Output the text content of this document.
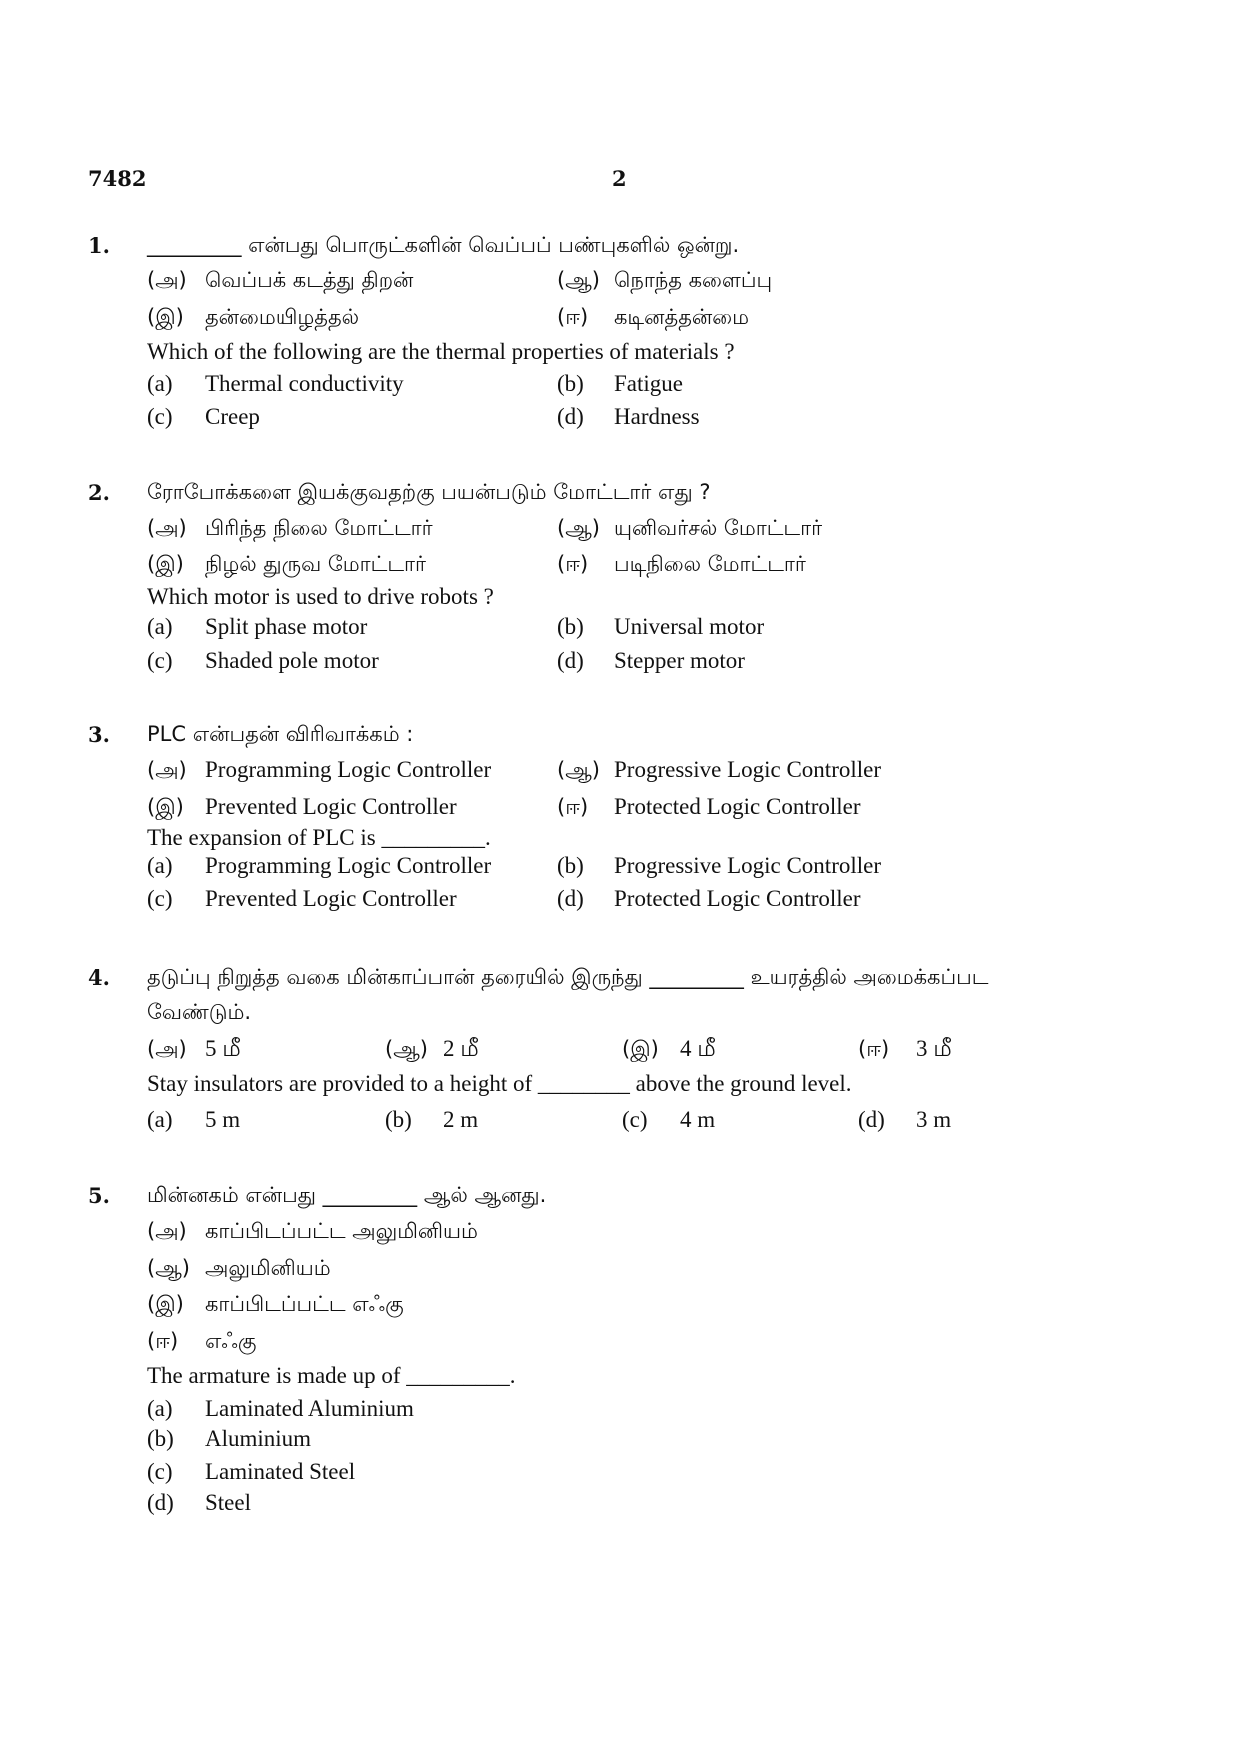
7482	2
1. _________ என்பது பொருட்களின் வெப்பப் பண்புகளில் ஒன்று.
(அ) வெப்பக் கடத்து திறன்	(ஆ) நொந்த களைப்பு
(இ) தன்மையிழத்தல்	(ஈ) கடினத்தன்மை
Which of the following are the thermal properties of materials ?
(a) Thermal conductivity	(b) Fatigue
(c) Creep	(d) Hardness
2. ரோபோக்களை இயக்குவதற்கு பயன்படும் மோட்டார் எது ?
(அ) பிரிந்த நிலை மோட்டார்	(ஆ) யுனிவர்சல் மோட்டார்
(இ) நிழல் துருவ மோட்டார்	(ஈ) படிநிலை மோட்டார்
Which motor is used to drive robots ?
(a) Split phase motor	(b) Universal motor
(c) Shaded pole motor	(d) Stepper motor
3. PLC என்பதன் விரிவாக்கம் :
(அ) Programming Logic Controller	(ஆ) Progressive Logic Controller
(இ) Prevented Logic Controller	(ஈ) Protected Logic Controller
The expansion of PLC is _________.
(a) Programming Logic Controller	(b) Progressive Logic Controller
(c) Prevented Logic Controller	(d) Protected Logic Controller
4. தடுப்பு நிறுத்த வகை மின்காப்பான் தரையில் இருந்து _________ உயரத்தில் அமைக்கப்பட
வேண்டும்.
(அ) 5 மீ	(ஆ) 2 மீ	(இ) 4 மீ	(ஈ) 3 மீ
Stay insulators are provided to a height of ________ above the ground level.
(a) 5 m	(b) 2 m	(c) 4 m	(d) 3 m
5. மின்னகம் என்பது _________ ஆல் ஆனது.
(அ) காப்பிடப்பட்ட அலுமினியம்
(ஆ) அலுமினியம்
(இ) காப்பிடப்பட்ட எஃகு
(ஈ) எஃகு
The armature is made up of _________.
(a) Laminated Aluminium
(b) Aluminium
(c) Laminated Steel
(d) Steel
